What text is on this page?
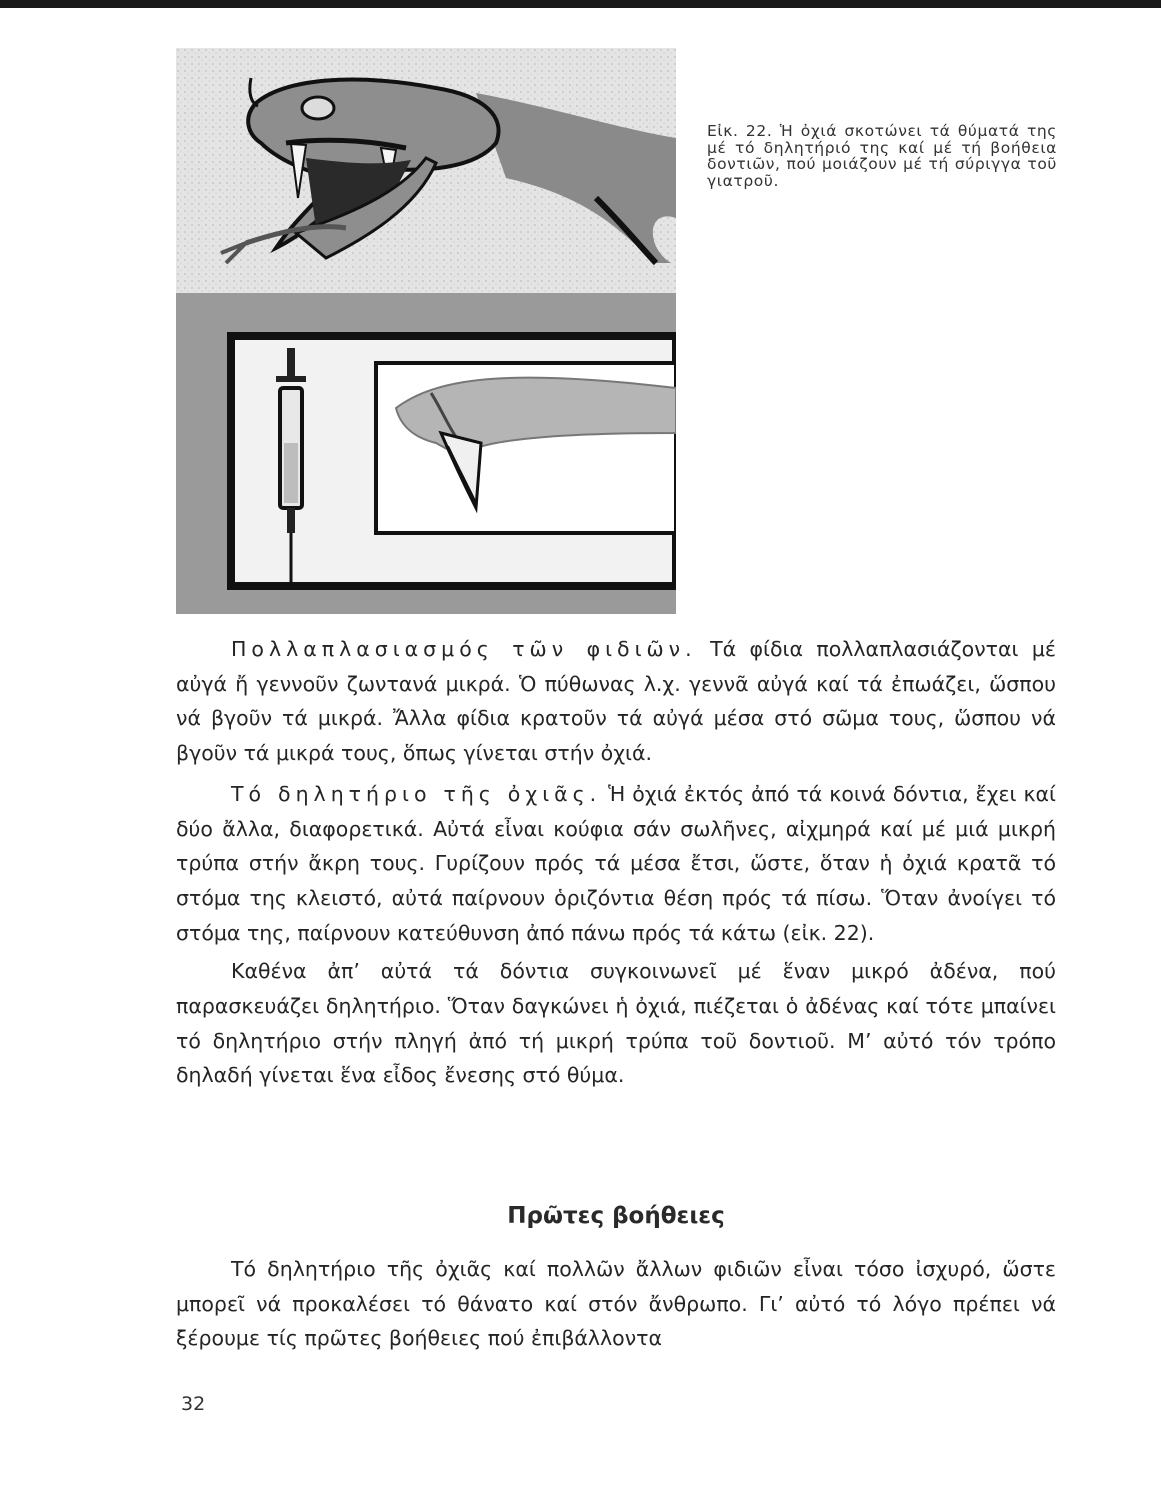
Εἰκ. 22. Ἡ ὀχιά σκοτώνει τά θύματά της μέ τό δηλητήριό της καί μέ τή βοήθεια δοντιῶν, πού μοιάζουν μέ τή σύριγγα τοῦ γιατροῦ.

Πολλαπλασιασμός τῶν φιδιῶν. Τά φίδια πολλαπλασιάζονται μέ αὐγά ἤ γεννοῦν ζωντανά μικρά. Ὁ πύθωνας λ.χ. γεννᾶ αὐγά καί τά ἐπωάζει, ὥσπου νά βγοῦν τά μικρά. Ἄλλα φίδια κρατοῦν τά αὐγά μέσα στό σῶμα τους, ὥσπου νά βγοῦν τά μικρά τους, ὅπως γίνεται στήν ὀχιά.

Τό δηλητήριο τῆς ὀχιᾶς. Ἡ ὀχιά ἐκτός ἀπό τά κοινά δόντια, ἔχει καί δύο ἄλλα, διαφορετικά. Αὐτά εἶναι κούφια σάν σωλῆνες, αἰχμηρά καί μέ μιά μικρή τρύπα στήν ἄκρη τους. Γυρίζουν πρός τά μέσα ἔτσι, ὥστε, ὅταν ἡ ὀχιά κρατᾶ τό στόμα της κλειστό, αὐτά παίρνουν ὁριζόντια θέση πρός τά πίσω. Ὅταν ἀνοίγει τό στόμα της, παίρνουν κατεύθυνση ἀπό πάνω πρός τά κάτω (εἰκ. 22).

Καθένα ἀπ’ αὐτά τά δόντια συγκοινωνεῖ μέ ἕναν μικρό ἀδένα, πού παρασκευάζει δηλητήριο. Ὅταν δαγκώνει ἡ ὀχιά, πιέζεται ὁ ἀδένας καί τότε μπαίνει τό δηλητήριο στήν πληγή ἀπό τή μικρή τρύπα τοῦ δοντιοῦ. Μ’ αὐτό τόν τρόπο δηλαδή γίνεται ἕνα εἶδος ἔνεσης στό θύμα.

Πρῶτες βοήθειες

Τό δηλητήριο τῆς ὀχιᾶς καί πολλῶν ἄλλων φιδιῶν εἶναι τόσο ἰσχυρό, ὥστε μπορεῖ νά προκαλέσει τό θάνατο καί στόν ἄνθρωπο. Γι’ αὐτό τό λόγο πρέπει νά ξέρουμε τίς πρῶτες βοήθειες πού ἐπιβάλλοντα

32
